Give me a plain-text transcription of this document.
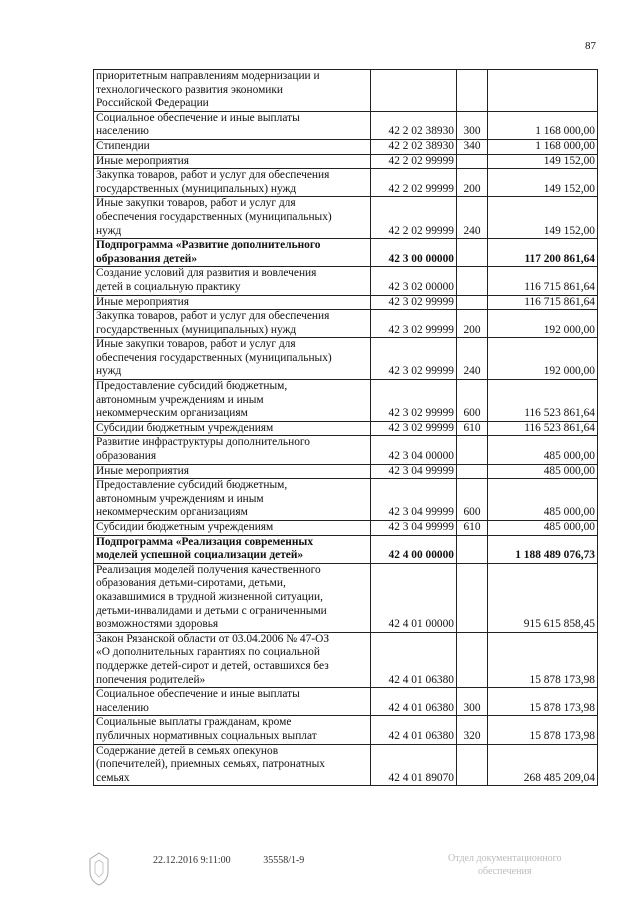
87
приоритетным направлениям модернизации и
технологического развития экономики
Российской Федерации			
Социальное обеспечение и иные выплаты
населению	42 2 02 38930	300	1 168 000,00
Стипендии	42 2 02 38930	340	1 168 000,00
Иные мероприятия	42 2 02 99999		149 152,00
Закупка товаров, работ и услуг для обеспечения
государственных (муниципальных) нужд	42 2 02 99999	200	149 152,00
Иные закупки товаров, работ и услуг для
обеспечения государственных (муниципальных)
нужд	42 2 02 99999	240	149 152,00
Подпрограмма «Развитие дополнительного
образования детей»	42 3 00 00000		117 200 861,64
Создание условий для развития и вовлечения
детей в социальную практику	42 3 02 00000		116 715 861,64
Иные мероприятия	42 3 02 99999		116 715 861,64
Закупка товаров, работ и услуг для обеспечения
государственных (муниципальных) нужд	42 3 02 99999	200	192 000,00
Иные закупки товаров, работ и услуг для
обеспечения государственных (муниципальных)
нужд	42 3 02 99999	240	192 000,00
Предоставление субсидий бюджетным,
автономным учреждениям и иным
некоммерческим организациям	42 3 02 99999	600	116 523 861,64
Субсидии бюджетным учреждениям	42 3 02 99999	610	116 523 861,64
Развитие инфраструктуры дополнительного
образования	42 3 04 00000		485 000,00
Иные мероприятия	42 3 04 99999		485 000,00
Предоставление субсидий бюджетным,
автономным учреждениям и иным
некоммерческим организациям	42 3 04 99999	600	485 000,00
Субсидии бюджетным учреждениям	42 3 04 99999	610	485 000,00
Подпрограмма «Реализация современных
моделей успешной социализации детей»	42 4 00 00000		1 188 489 076,73
Реализация моделей получения качественного
образования детьми-сиротами, детьми,
оказавшимися в трудной жизненной ситуации,
детьми-инвалидами и детьми с ограниченными
возможностями здоровья	42 4 01 00000		915 615 858,45
Закон Рязанской области от 03.04.2006 № 47-ОЗ
«О дополнительных гарантиях по социальной
поддержке детей-сирот и детей, оставшихся без
попечения родителей»	42 4 01 06380		15 878 173,98
Социальное обеспечение и иные выплаты
населению	42 4 01 06380	300	15 878 173,98
Социальные выплаты гражданам, кроме
публичных нормативных социальных выплат	42 4 01 06380	320	15 878 173,98
Содержание детей в семьях опекунов
(попечителей), приемных семьях, патронатных
семьях	42 4 01 89070		268 485 209,04
22.12.2016 9:11:00	35558/1-9	Отдел документационного
обеспечения
